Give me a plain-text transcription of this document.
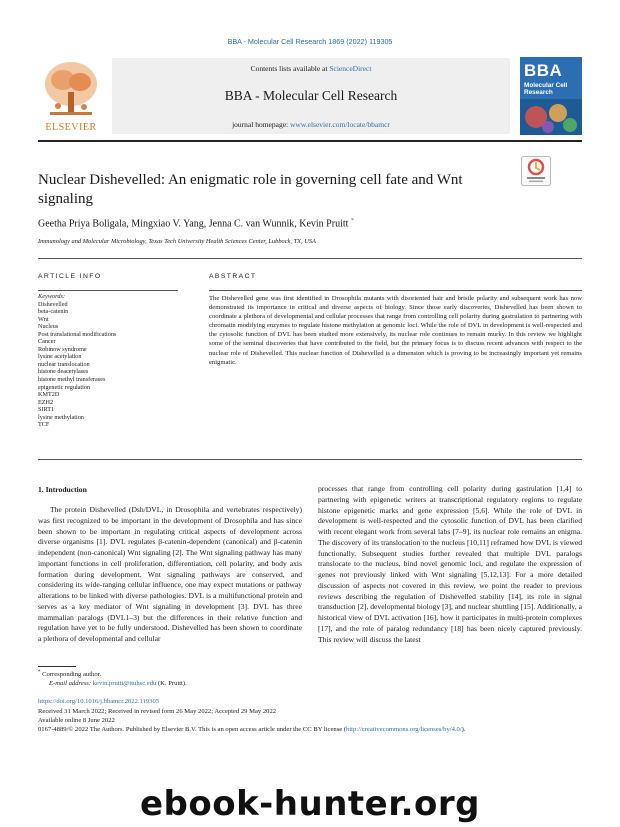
BBA - Molecular Cell Research 1869 (2022) 119305
ELSEVIER
Contents lists available at ScienceDirect
BBA - Molecular Cell Research
journal homepage: www.elsevier.com/locate/bbamcr
BBA
Molecular Cell Research
Nuclear Dishevelled: An enigmatic role in governing cell fate and Wnt signaling
Geetha Priya Boligala, Mingxiao V. Yang, Jenna C. van Wunnik, Kevin Pruitt *
Immunology and Molecular Microbiology, Texas Tech University Health Sciences Center, Lubbock, TX, USA
ARTICLE INFO	ABSTRACT
Keywords:
Dishevelled
beta-catenin
Wnt
Nucleus
Post translational modifications
Cancer
Robinow syndrome
lysine acetylation
nuclear translocation
histone deacetylases
histone methyl transferases
epigenetic regulation
KMT2D
EZH2
SIRT1
lysine methylation
TCF

The Dishevelled gene was first identified in Drosophila mutants with disoriented hair and bristle polarity and subsequent work has now demonstrated its importance in critical and diverse aspects of biology. Since those early discoveries, Dishevelled has been shown to coordinate a plethora of developmental and cellular processes that range from controlling cell polarity during gastrulation to partnering with chromatin modifying enzymes to regulate histone methylation at genomic loci. While the role of DVL in development is well-respected and the cytosolic function of DVL has been studied more extensively, its nuclear role continues to remain murky. In this review we highlight some of the seminal discoveries that have contributed to the field, but the primary focus is to discuss recent advances with respect to the nuclear role of Dishevelled. This nuclear function of Dishevelled is a dimension which is proving to be increasingly important yet remains enigmatic.

1. Introduction

The protein Dishevelled (Dsh/DVL, in Drosophila and vertebrates respectively) was first recognized to be important in the development of Drosophila and has since been shown to be important in regulating critical aspects of development across diverse organisms [1]. DVL regulates β-catenin-dependent (canonical) and β-catenin independent (non-canonical) Wnt signaling [2]. The Wnt signaling pathway has many important functions in cell proliferation, differentiation, cell polarity, and body axis formation during development. Wnt signaling pathways are conserved, and considering its wide-ranging cellular influence, one may expect mutations or pathway alterations to be linked with diverse pathologies. DVL is a multifunctional protein and serves as a key mediator of Wnt signaling in development [3]. DVL has three mammalian paralogs (DVL1–3) but the differences in their relative function and regulation have yet to be fully understood. Dishevelled has been shown to coordinate a plethora of developmental and cellular

processes that range from controlling cell polarity during gastrulation [1,4] to partnering with epigenetic writers at transcriptional regulatory regions to regulate histone epigenetic marks and gene expression [5,6]. While the role of DVL in development is well-respected and the cytosolic function of DVL has been clarified with recent elegant work from several labs [7–9], its nuclear role remains an enigma. The discovery of its translocation to the nucleus [10,11] reframed how DVL is viewed functionally. Subsequent studies further revealed that multiple DVL paralogs translocate to the nucleus, bind novel genomic loci, and regulate the expression of genes not previously linked with Wnt signaling [5,12,13]. For a more detailed discussion of aspects not covered in this review, we point the reader to previous reviews describing the regulation of Dishevelled stability [14], its role in signal transduction [2], developmental biology [3], and nuclear shuttling [15]. Additionally, a historical view of DVL activation [16], how it participates in multi-protein complexes [17], and the role of paralog redundancy [18] has been nicely captured previously. This review will discuss the latest

* Corresponding author.
E-mail address: kevin.pruitt@ttuhsc.edu (K. Pruitt).
https://doi.org/10.1016/j.bbamcr.2022.119305
Received 31 March 2022; Received in revised form 26 May 2022; Accepted 29 May 2022
Available online 8 June 2022
0167-4889/© 2022 The Authors. Published by Elsevier B.V. This is an open access article under the CC BY license (http://creativecommons.org/licenses/by/4.0/).
ebook-hunter.org
